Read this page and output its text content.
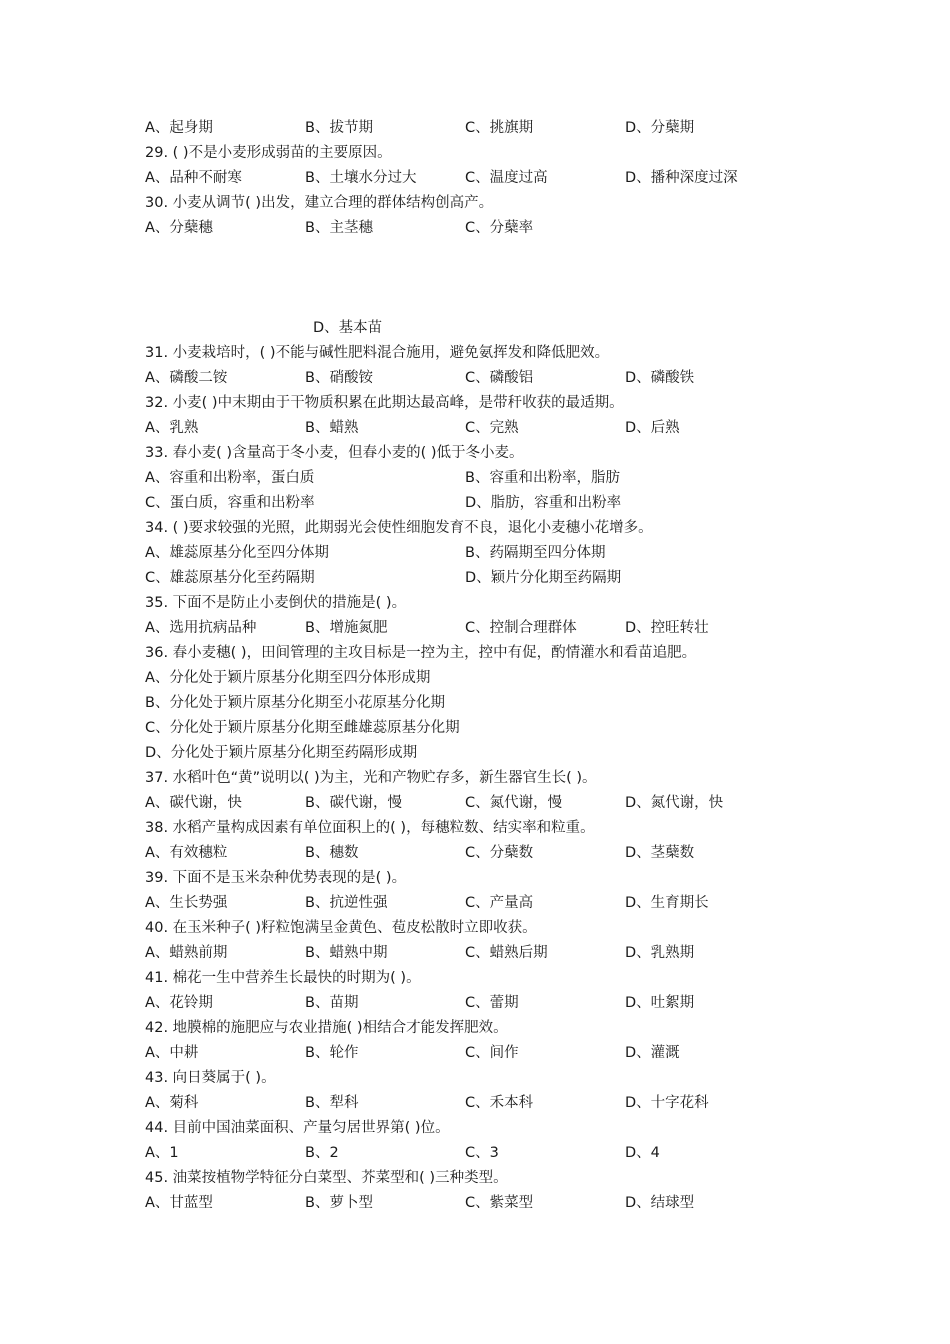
A、起身期	B、拔节期	C、挑旗期	D、分蘖期
29. ( )不是小麦形成弱苗的主要原因。
A、品种不耐寒	B、土壤水分过大	C、温度过高	D、播种深度过深
30. 小麦从调节( )出发，建立合理的群体结构创高产。
A、分蘖穗	B、主茎穗	C、分蘖率
D、基本苗
31. 小麦栽培时，( )不能与碱性肥料混合施用，避免氨挥发和降低肥效。
A、磷酸二铵	B、硝酸铵	C、磷酸铝	D、磷酸铁
32. 小麦( )中末期由于干物质积累在此期达最高峰，是带秆收获的最适期。
A、乳熟	B、蜡熟	C、完熟	D、后熟
33. 春小麦( )含量高于冬小麦，但春小麦的( )低于冬小麦。
A、容重和出粉率，蛋白质	B、容重和出粉率，脂肪
C、蛋白质，容重和出粉率	D、脂肪，容重和出粉率
34. ( )要求较强的光照，此期弱光会使性细胞发育不良，退化小麦穗小花增多。
A、雄蕊原基分化至四分体期	B、药隔期至四分体期
C、雄蕊原基分化至药隔期	D、颖片分化期至药隔期
35. 下面不是防止小麦倒伏的措施是( )。
A、选用抗病品种	B、增施氮肥	C、控制合理群体	D、控旺转壮
36. 春小麦穗( )，田间管理的主攻目标是一控为主，控中有促，酌情灌水和看苗追肥。
A、分化处于颖片原基分化期至四分体形成期
B、分化处于颖片原基分化期至小花原基分化期
C、分化处于颖片原基分化期至雌雄蕊原基分化期
D、分化处于颖片原基分化期至药隔形成期
37. 水稻叶色“黄”说明以( )为主，光和产物贮存多，新生器官生长( )。
A、碳代谢，快	B、碳代谢，慢	C、氮代谢，慢	D、氮代谢，快
38. 水稻产量构成因素有单位面积上的( )，每穗粒数、结实率和粒重。
A、有效穗粒	B、穗数	C、分蘖数	D、茎蘖数
39. 下面不是玉米杂种优势表现的是( )。
A、生长势强	B、抗逆性强	C、产量高	D、生育期长
40. 在玉米种子( )籽粒饱满呈金黄色、苞皮松散时立即收获。
A、蜡熟前期	B、蜡熟中期	C、蜡熟后期	D、乳熟期
41. 棉花一生中营养生长最快的时期为( )。
A、花铃期	B、苗期	C、蕾期	D、吐絮期
42. 地膜棉的施肥应与农业措施( )相结合才能发挥肥效。
A、中耕	B、轮作	C、间作	D、灌溉
43. 向日葵属于( )。
A、菊科	B、犁科	C、禾本科	D、十字花科
44. 目前中国油菜面积、产量匀居世界第( )位。
A、1	B、2	C、3	D、4
45. 油菜按植物学特征分白菜型、芥菜型和( )三种类型。
A、甘蓝型	B、萝卜型	C、紫菜型	D、结球型
